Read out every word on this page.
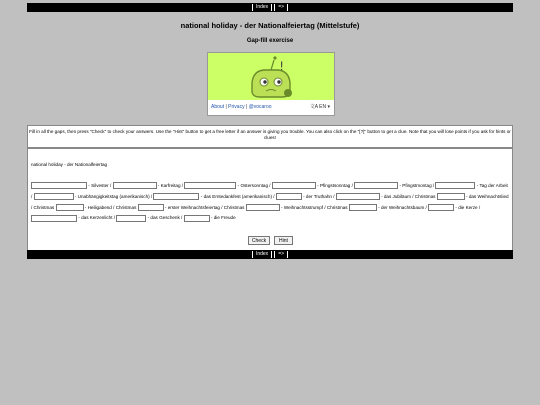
Index =>
national holiday - der Nationalfeiertag (Mittelstufe)
Gap-fill exercise
!
About | Privacy | @vocaroo	文A EN ▾
Fill in all the gaps, then press "Check" to check your answers. Use the "Hint" button to get a free letter if an answer is giving you trouble. You can also click on the "[?]" button to get a clue. Note that you will lose points if you ask for hints or clues!
national holiday - der Nationalfeiertag
- Silvester /	- Karfreitag /	- Ostersonntag /	- Pfingstsonntag /	- Pfingstmontag /	- Tag der Arbeit /	- Unabhängigkeitstag (amerikanisch) /	- das Erntedankfest (amerikanisch) /	- der Truthahn /	- das Jubiläum / Christmas	- das Weihnachtslied / Christmas	- Heiligabend / Christmas	- erster Weihnachtsfeiertag / Christmas	- Weihnachtsstrumpf / Christmas	- der Weihnachtsbaum /	- die Kerze /  - das Kerzenlicht /	- das Geschenk /	- die Freude
Check	Hint
Index =>
